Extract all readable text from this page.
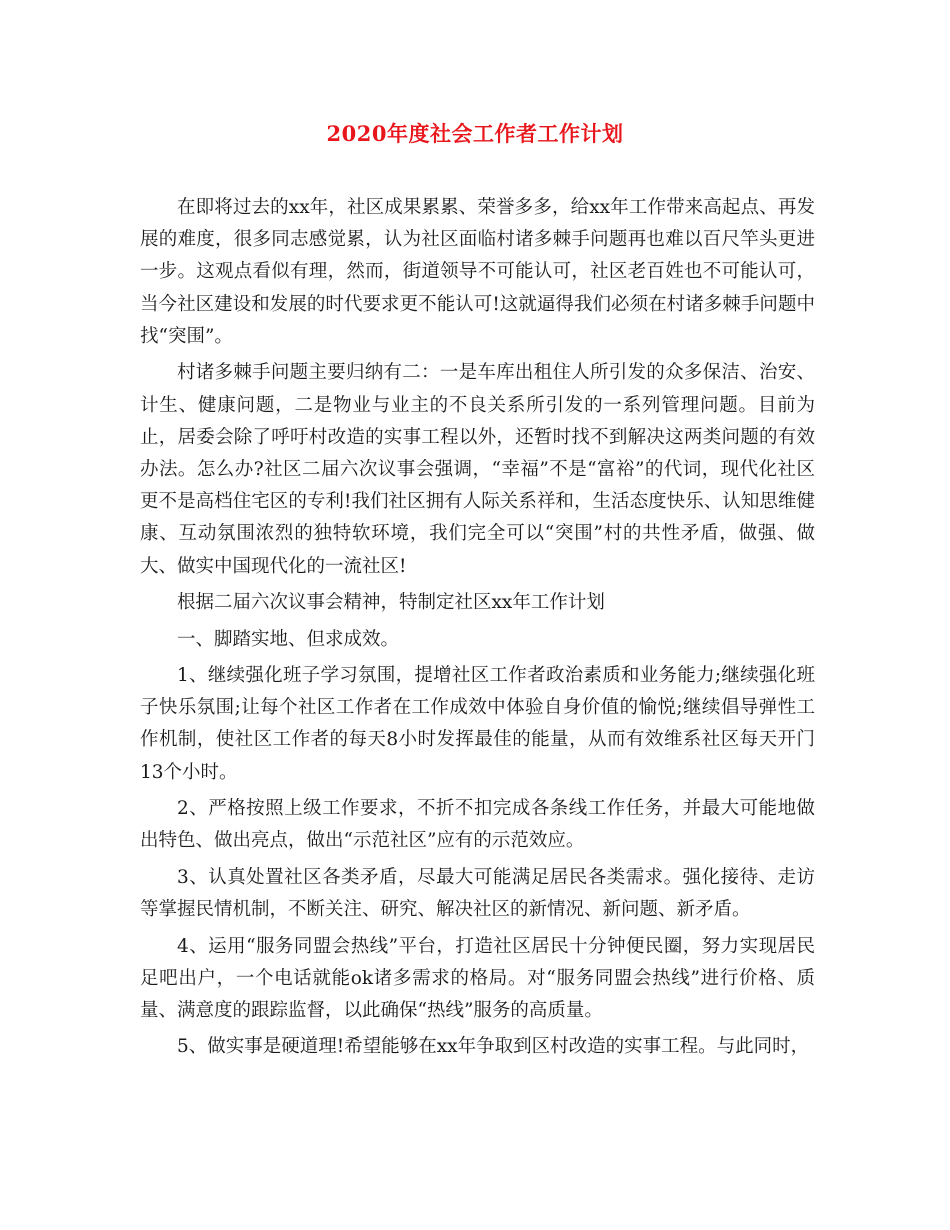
2020年度社会工作者工作计划

在即将过去的xx年，社区成果累累、荣誉多多，给xx年工作带来高起点、再发展的难度，很多同志感觉累，认为社区面临村诸多棘手问题再也难以百尺竿头更进一步。这观点看似有理，然而，街道领导不可能认可，社区老百姓也不可能认可，当今社区建设和发展的时代要求更不能认可!这就逼得我们必须在村诸多棘手问题中找“突围”。

村诸多棘手问题主要归纳有二：一是车库出租住人所引发的众多保洁、治安、计生、健康问题，二是物业与业主的不良关系所引发的一系列管理问题。目前为止，居委会除了呼吁村改造的实事工程以外，还暂时找不到解决这两类问题的有效办法。怎么办?社区二届六次议事会强调，“幸福”不是“富裕”的代词，现代化社区更不是高档住宅区的专利!我们社区拥有人际关系祥和，生活态度快乐、认知思维健康、互动氛围浓烈的独特软环境，我们完全可以“突围”村的共性矛盾，做强、做大、做实中国现代化的一流社区!

根据二届六次议事会精神，特制定社区xx年工作计划

一、脚踏实地、但求成效。

1、继续强化班子学习氛围，提增社区工作者政治素质和业务能力;继续强化班子快乐氛围;让每个社区工作者在工作成效中体验自身价值的愉悦;继续倡导弹性工作机制，使社区工作者的每天8小时发挥最佳的能量，从而有效维系社区每天开门13个小时。

2、严格按照上级工作要求，不折不扣完成各条线工作任务，并最大可能地做出特色、做出亮点，做出“示范社区”应有的示范效应。

3、认真处置社区各类矛盾，尽最大可能满足居民各类需求。强化接待、走访等掌握民情机制，不断关注、研究、解决社区的新情况、新问题、新矛盾。

4、运用“服务同盟会热线”平台，打造社区居民十分钟便民圈，努力实现居民足吧出户，一个电话就能ok诸多需求的格局。对“服务同盟会热线”进行价格、质量、满意度的跟踪监督，以此确保“热线”服务的高质量。

5、做实事是硬道理!希望能够在xx年争取到区村改造的实事工程。与此同时，
